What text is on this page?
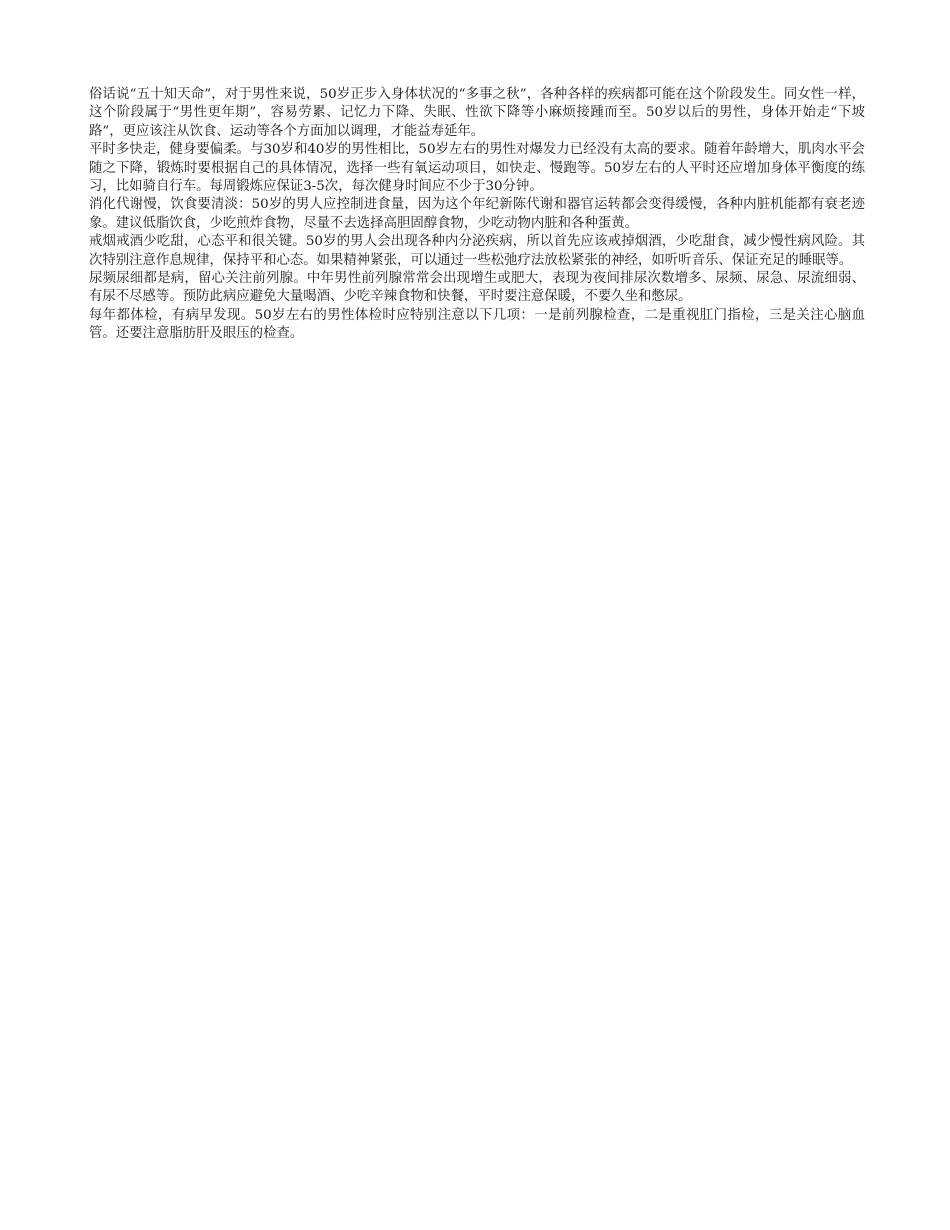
俗话说“五十知天命”，对于男性来说，50岁正步入身体状况的“多事之秋”，各种各样的疾病都可能在这个阶段发生。同女性一样，这个阶段属于“男性更年期”，容易劳累、记忆力下降、失眠、性欲下降等小麻烦接踵而至。50岁以后的男性，身体开始走“下坡路”，更应该注从饮食、运动等各个方面加以调理，才能益寿延年。

平时多快走，健身要偏柔。与30岁和40岁的男性相比，50岁左右的男性对爆发力已经没有太高的要求。随着年龄增大，肌肉水平会随之下降，锻炼时要根据自己的具体情况，选择一些有氧运动项目，如快走、慢跑等。50岁左右的人平时还应增加身体平衡度的练习，比如骑自行车。每周锻炼应保证3-5次，每次健身时间应不少于30分钟。

消化代谢慢，饮食要清淡：50岁的男人应控制进食量，因为这个年纪新陈代谢和器官运转都会变得缓慢，各种内脏机能都有衰老迹象。建议低脂饮食，少吃煎炸食物，尽量不去选择高胆固醇食物，少吃动物内脏和各种蛋黄。

戒烟戒酒少吃甜，心态平和很关键。50岁的男人会出现各种内分泌疾病，所以首先应该戒掉烟酒，少吃甜食，减少慢性病风险。其次特别注意作息规律，保持平和心态。如果精神紧张，可以通过一些松弛疗法放松紧张的神经，如听听音乐、保证充足的睡眠等。

尿频尿细都是病，留心关注前列腺。中年男性前列腺常常会出现增生或肥大，表现为夜间排尿次数增多、尿频、尿急、尿流细弱、有尿不尽感等。预防此病应避免大量喝酒、少吃辛辣食物和快餐，平时要注意保暖，不要久坐和憋尿。

每年都体检，有病早发现。50岁左右的男性体检时应特别注意以下几项：一是前列腺检查，二是重视肛门指检，三是关注心脑血管。还要注意脂肪肝及眼压的检查。
